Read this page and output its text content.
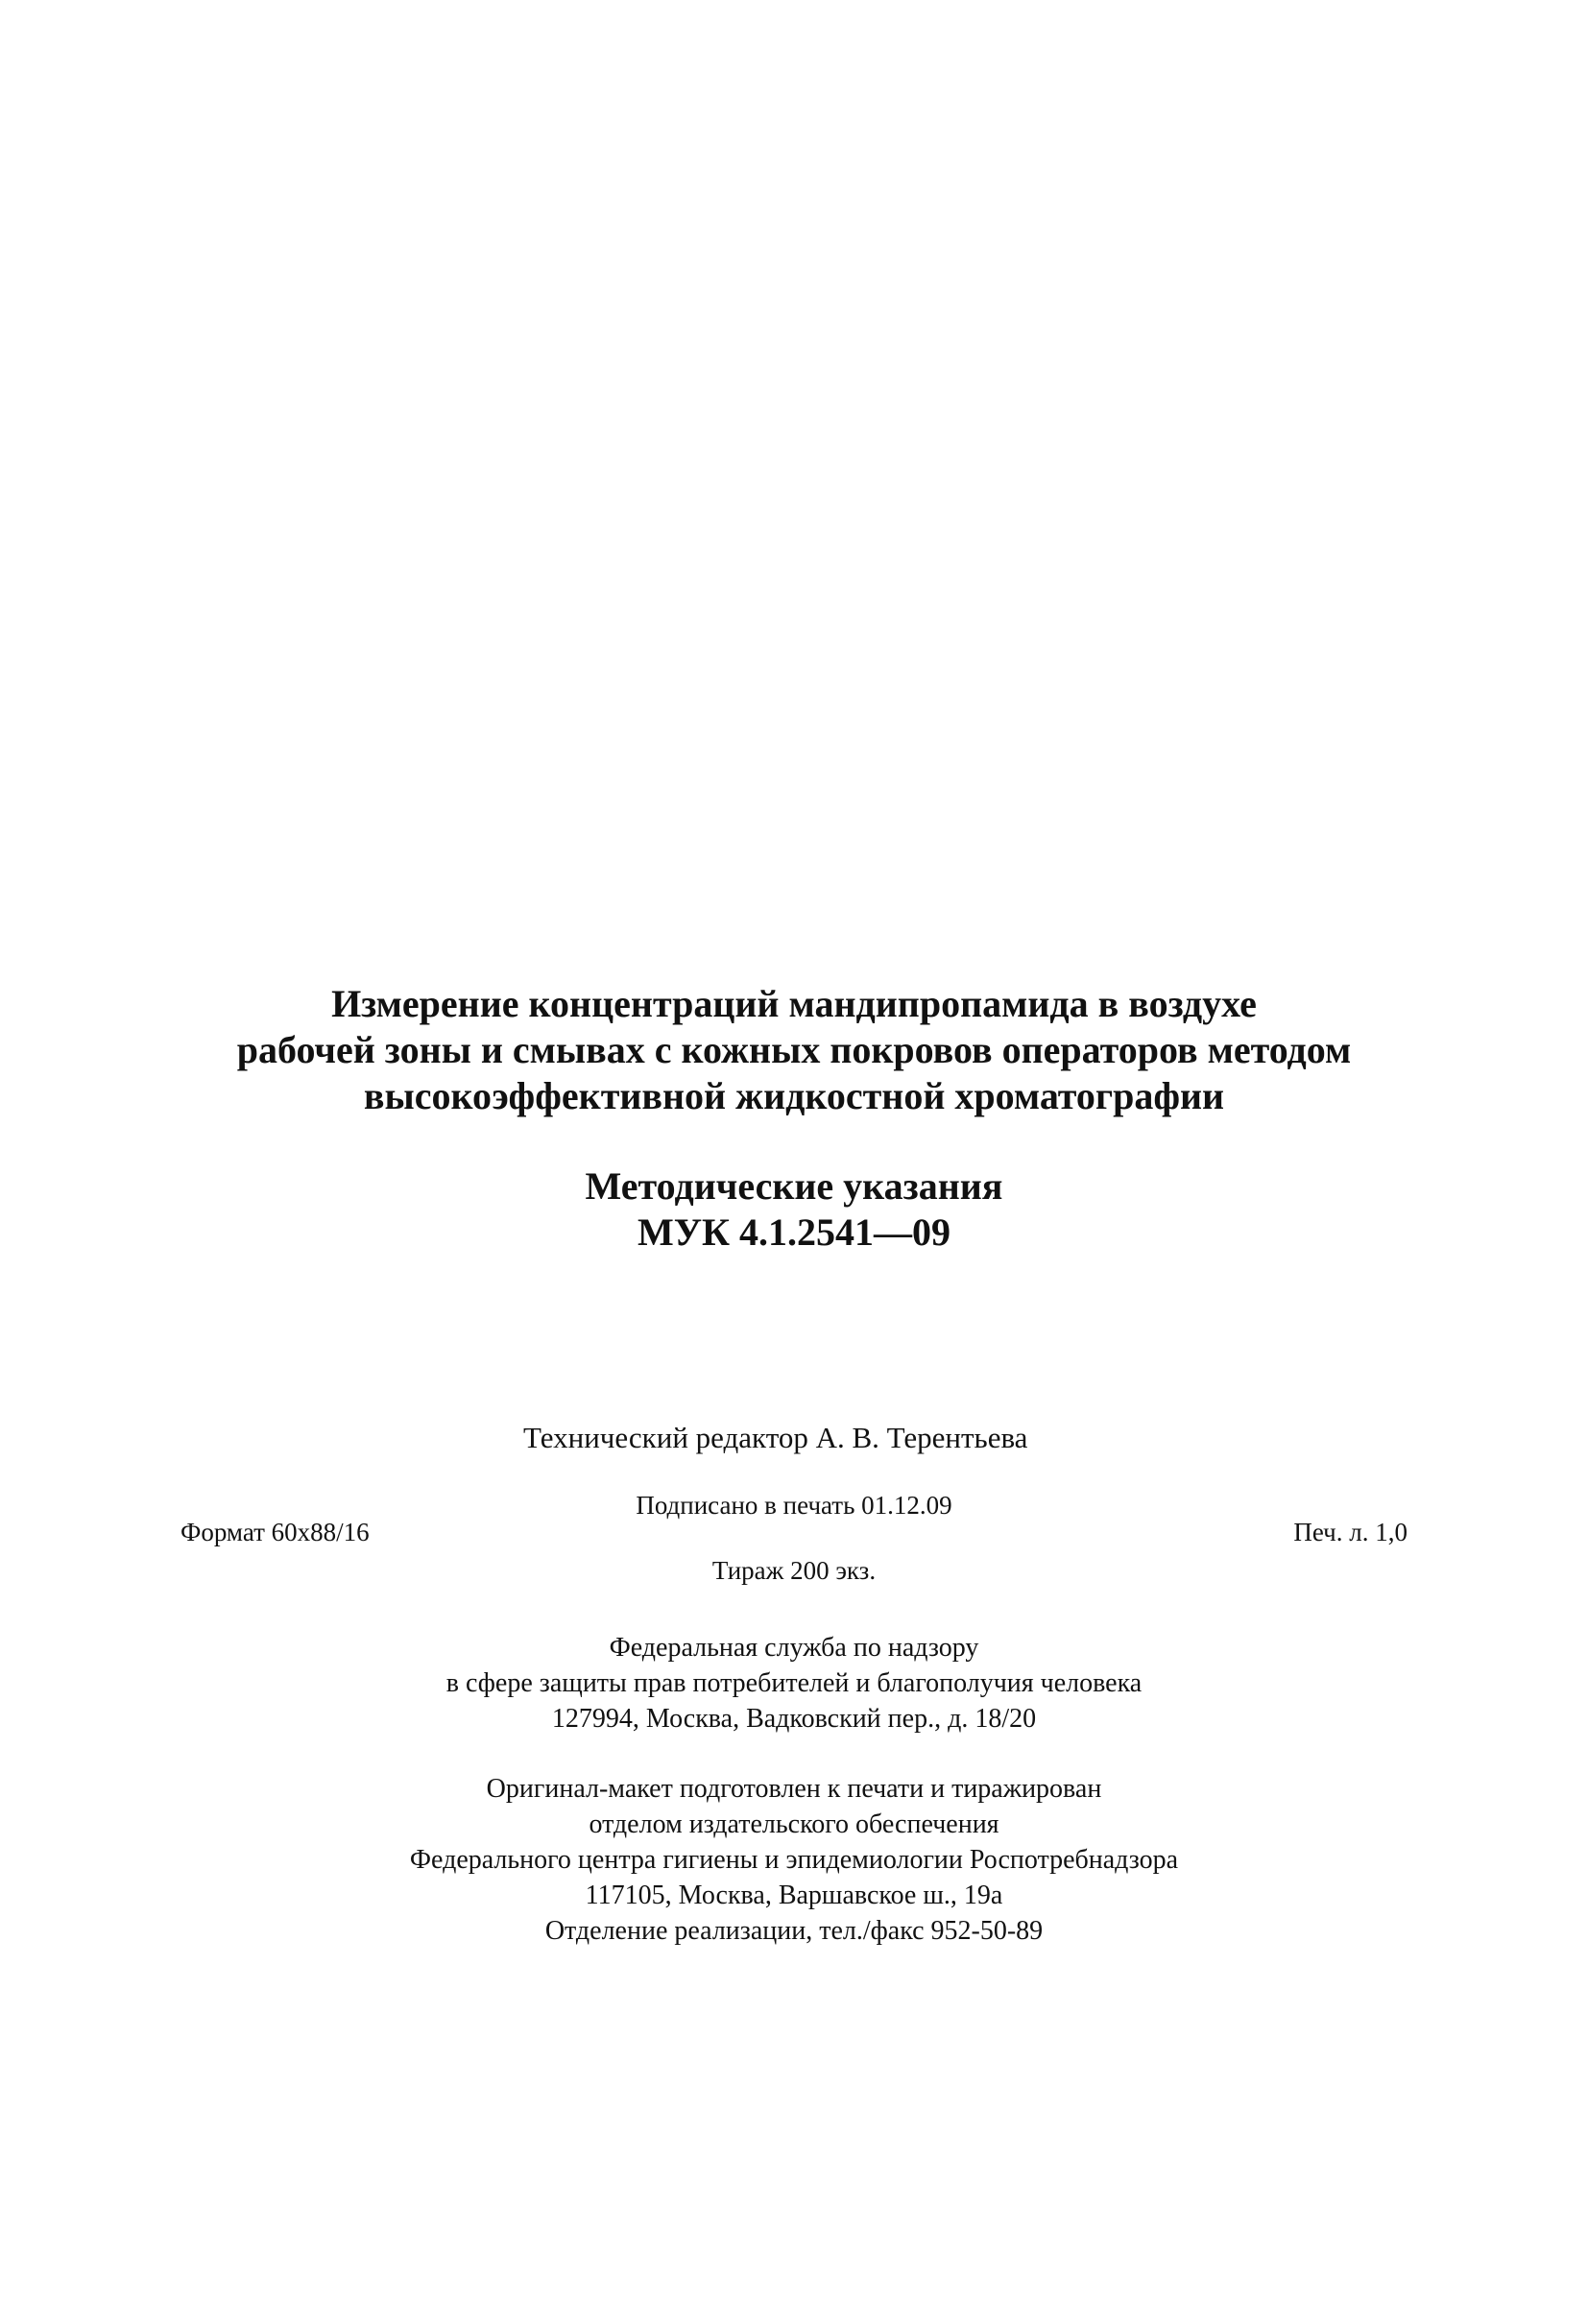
Измерение концентраций мандипропамида в воздухе
рабочей зоны и смывах с кожных покровов операторов методом
высокоэффективной жидкостной хроматографии
Методические указания
МУК 4.1.2541—09
Технический редактор А. В. Терентьева
Подписано в печать 01.12.09
Формат 60x88/16	Печ. л. 1,0
Тираж 200 экз.
Федеральная служба по надзору
в сфере защиты прав потребителей и благополучия человека
127994, Москва, Вадковский пер., д. 18/20
Оригинал-макет подготовлен к печати и тиражирован
отделом издательского обеспечения
Федерального центра гигиены и эпидемиологии Роспотребнадзора
117105, Москва, Варшавское ш., 19а
Отделение реализации, тел./факс 952-50-89
